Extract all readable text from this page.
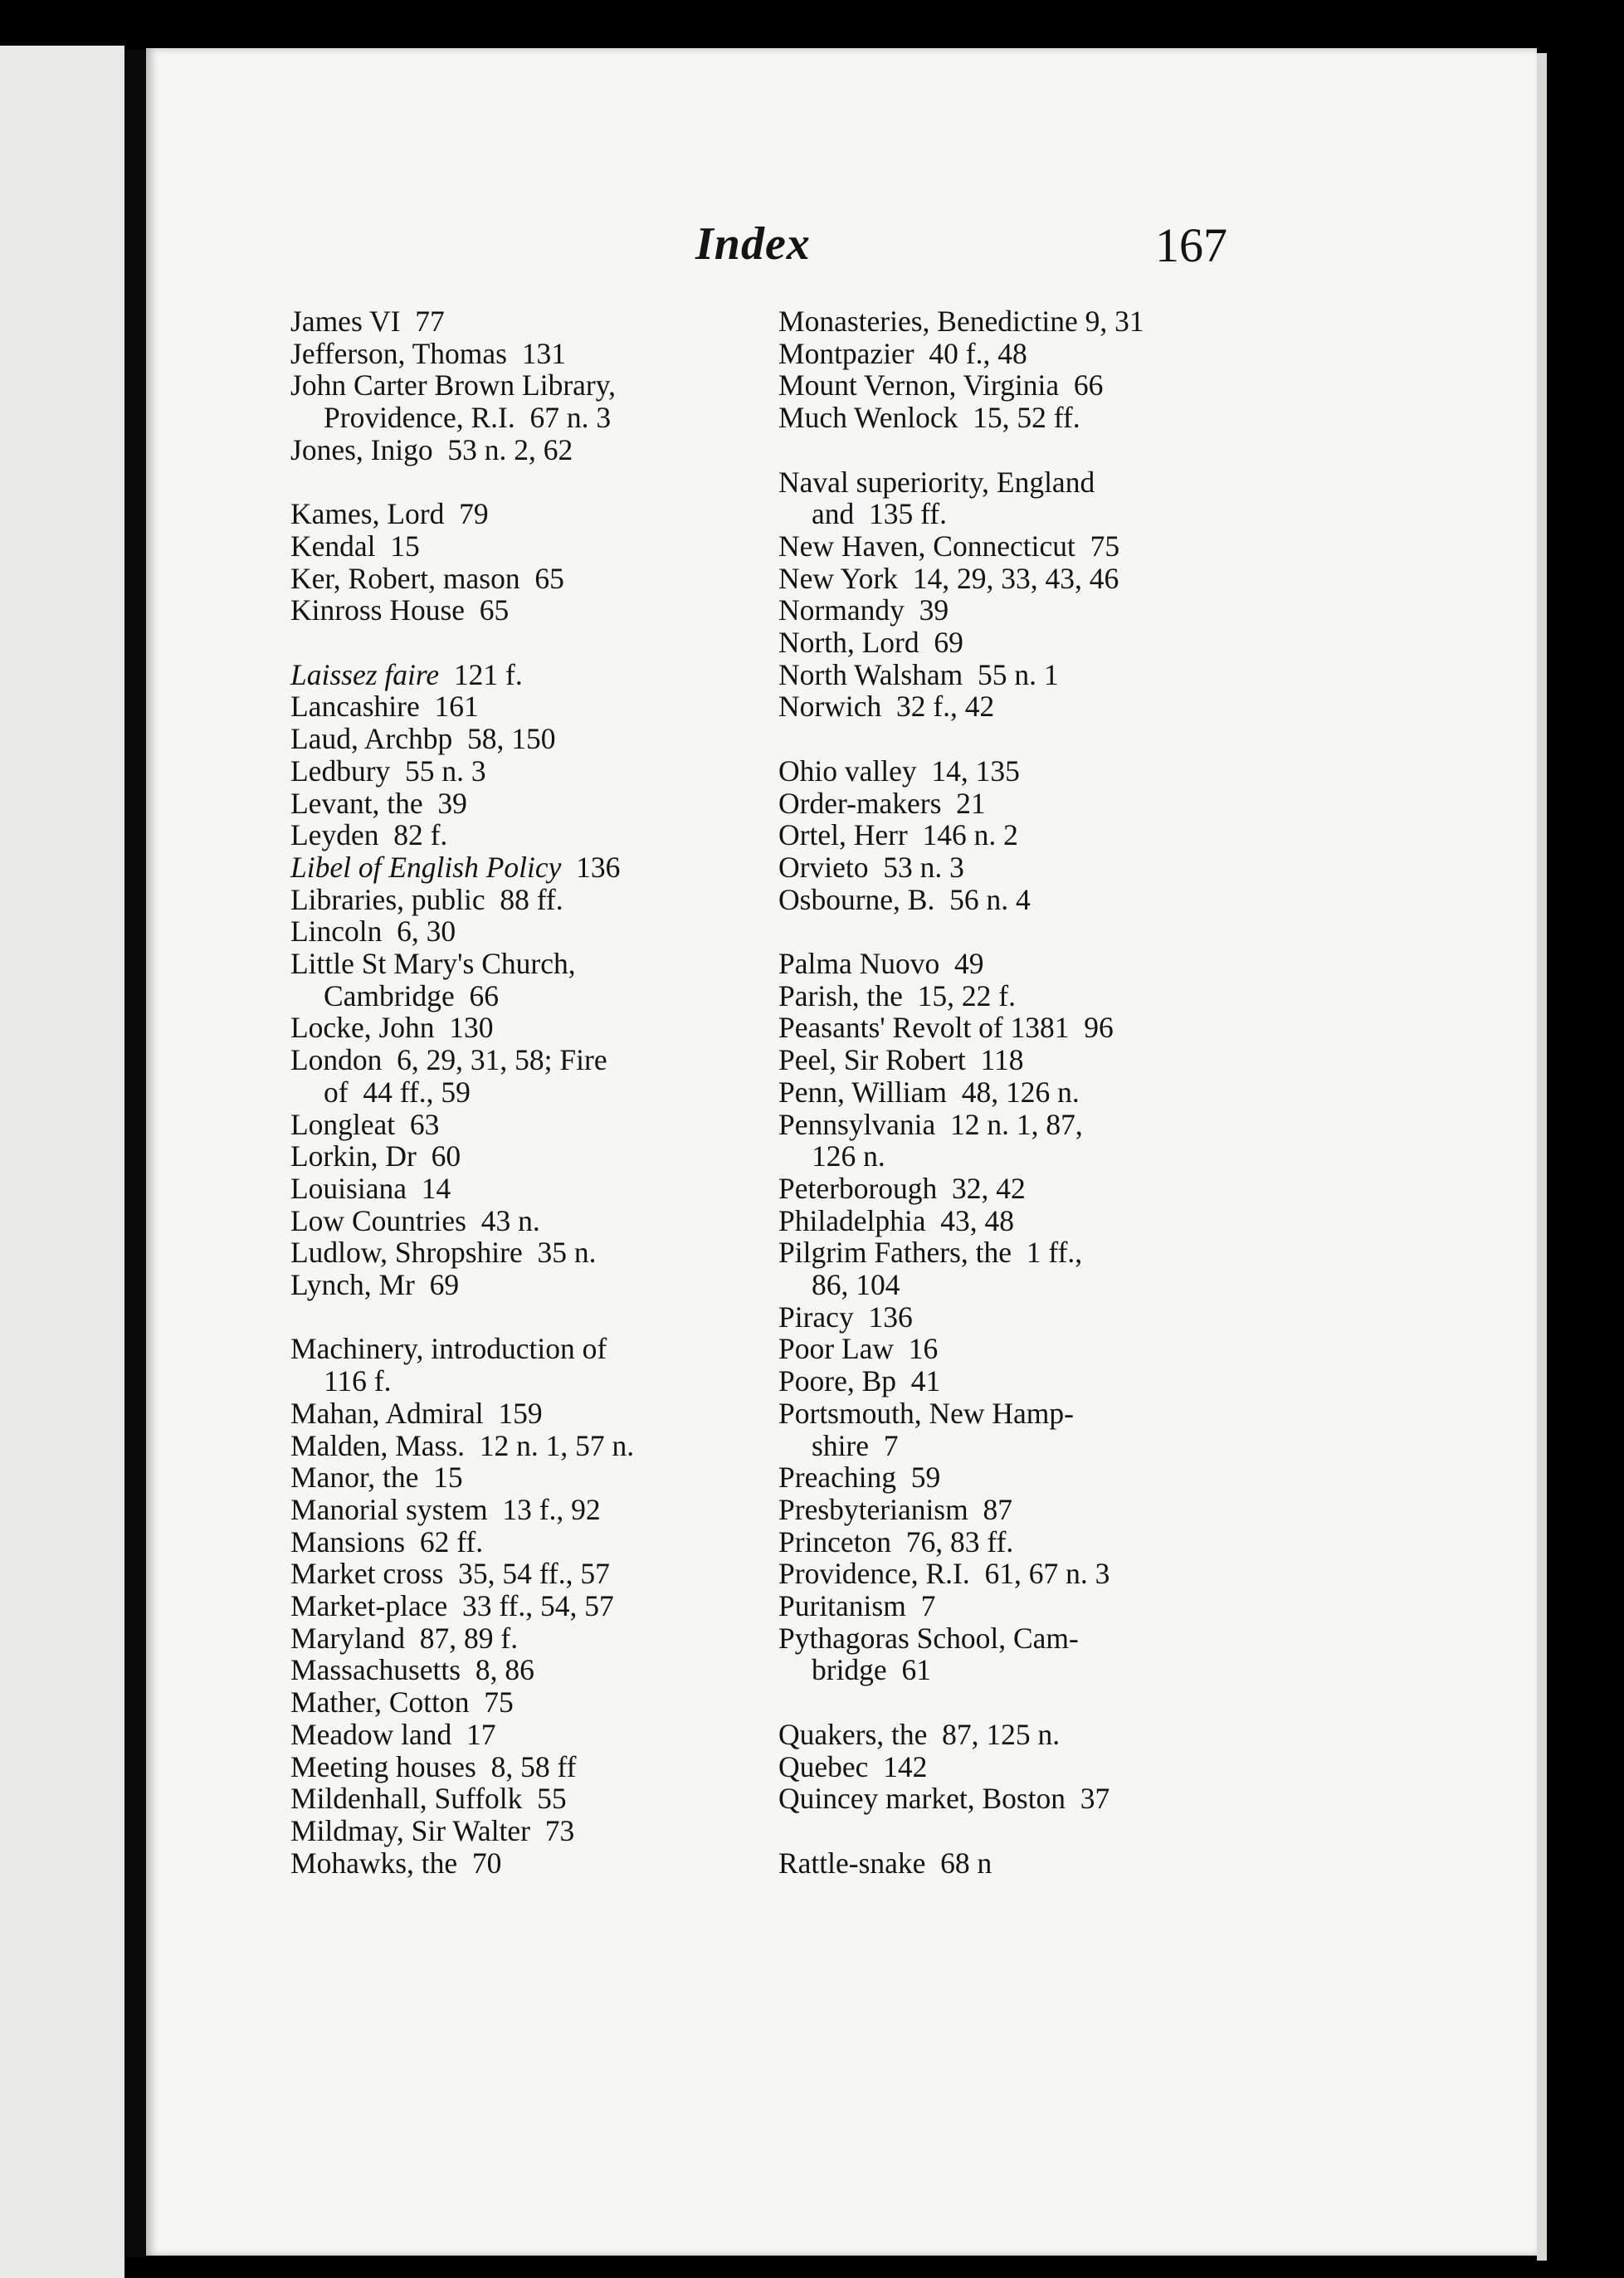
Index	167
James VI 77
Jefferson, Thomas 131
John Carter Brown Library,
Providence, R.I. 67 n. 3
Jones, Inigo 53 n. 2, 62
Kames, Lord 79
Kendal 15
Ker, Robert, mason 65
Kinross House 65
Laissez faire 121 f.
Lancashire 161
Laud, Archbp 58, 150
Ledbury 55 n. 3
Levant, the 39
Leyden 82 f.
Libel of English Policy 136
Libraries, public 88 ff.
Lincoln 6, 30
Little St Mary's Church,
Cambridge 66
Locke, John 130
London 6, 29, 31, 58; Fire
of 44 ff., 59
Longleat 63
Lorkin, Dr 60
Louisiana 14
Low Countries 43 n.
Ludlow, Shropshire 35 n.
Lynch, Mr 69
Machinery, introduction of
116 f.
Mahan, Admiral 159
Malden, Mass. 12 n. 1, 57 n.
Manor, the 15
Manorial system 13 f., 92
Mansions 62 ff.
Market cross 35, 54 ff., 57
Market-place 33 ff., 54, 57
Maryland 87, 89 f.
Massachusetts 8, 86
Mather, Cotton 75
Meadow land 17
Meeting houses 8, 58 ff
Mildenhall, Suffolk 55
Mildmay, Sir Walter 73
Mohawks, the 70
Monasteries, Benedictine 9, 31
Montpazier 40 f., 48
Mount Vernon, Virginia 66
Much Wenlock 15, 52 ff.
Naval superiority, England
and 135 ff.
New Haven, Connecticut 75
New York 14, 29, 33, 43, 46
Normandy 39
North, Lord 69
North Walsham 55 n. 1
Norwich 32 f., 42
Ohio valley 14, 135
Order-makers 21
Ortel, Herr 146 n. 2
Orvieto 53 n. 3
Osbourne, B. 56 n. 4
Palma Nuovo 49
Parish, the 15, 22 f.
Peasants' Revolt of 1381 96
Peel, Sir Robert 118
Penn, William 48, 126 n.
Pennsylvania 12 n. 1, 87,
126 n.
Peterborough 32, 42
Philadelphia 43, 48
Pilgrim Fathers, the 1 ff.,
86, 104
Piracy 136
Poor Law 16
Poore, Bp 41
Portsmouth, New Hamp-
shire 7
Preaching 59
Presbyterianism 87
Princeton 76, 83 ff.
Providence, R.I. 61, 67 n. 3
Puritanism 7
Pythagoras School, Cam-
bridge 61
Quakers, the 87, 125 n.
Quebec 142
Quincey market, Boston 37
Rattle-snake 68 n
